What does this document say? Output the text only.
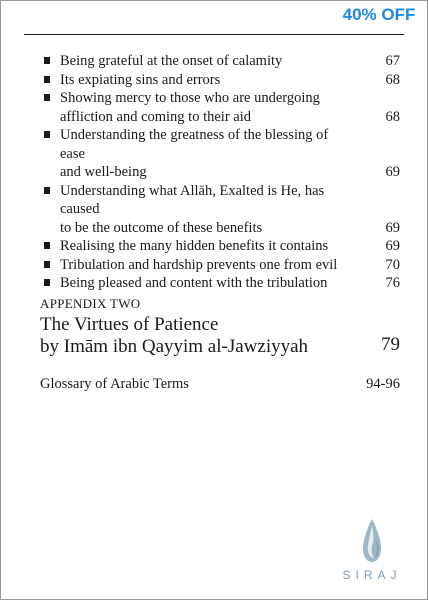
40% OFF
Being grateful at the onset of calamity	67
Its expiating sins and errors	68
Showing mercy to those who are undergoing
affliction and coming to their aid	68
Understanding the greatness of the blessing of ease
and well-being	69
Understanding what Allāh, Exalted is He, has caused
to be the outcome of these benefits	69
Realising the many hidden benefits it contains	69
Tribulation and hardship prevents one from evil	70
Being pleased and content with the tribulation	76
APPENDIX TWO
The Virtues of Patience
by Imām ibn Qayyim al-Jawziyyah	79
Glossary of Arabic Terms	94-96
SIRAJ
